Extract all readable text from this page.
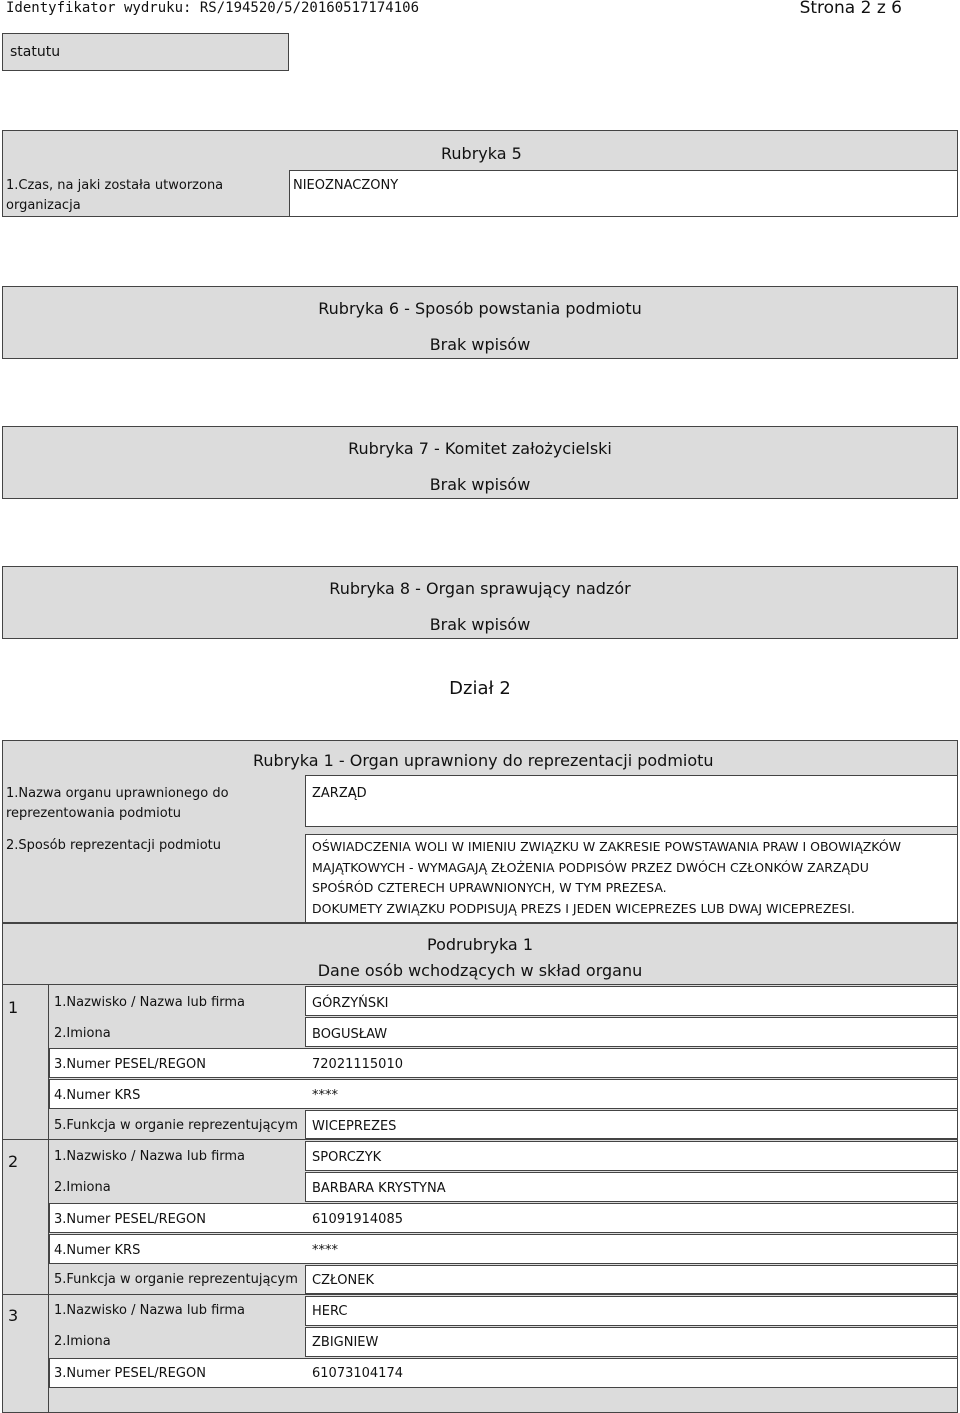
Identyfikator wydruku: RS/194520/5/20160517174106	Strona 2 z 6
statutu
Rubryka 5
1.Czas, na jaki została utworzona organizacja
NIEOZNACZONY
Rubryka 6 - Sposób powstania podmiotu
Brak wpisów
Rubryka 7 - Komitet założycielski
Brak wpisów
Rubryka 8 - Organ sprawujący nadzór
Brak wpisów
Dział 2
Rubryka 1 - Organ uprawniony do reprezentacji podmiotu
1.Nazwa organu uprawnionego do reprezentowania podmiotu
ZARZĄD
2.Sposób reprezentacji podmiotu	OŚWIADCZENIA WOLI W IMIENIU ZWIĄZKU W ZAKRESIE POWSTAWANIA PRAW I OBOWIĄZKÓW
MAJĄTKOWYCH - WYMAGAJĄ ZŁOŻENIA PODPISÓW PRZEZ DWÓCH CZŁONKÓW ZARZĄDU
SPOŚRÓD CZTERECH UPRAWNIONYCH, W TYM PREZESA.
DOKUMETY ZWIĄZKU PODPISUJĄ PREZS I JEDEN WICEPREZES LUB DWAJ WICEPREZESI.
Podrubryka 1
Dane osób wchodzących w skład organu
1	1.Nazwisko / Nazwa lub firma	GÓRZYŃSKI
2.Imiona	BOGUSŁAW
3.Numer PESEL/REGON	72021115010
4.Numer KRS	****
5.Funkcja w organie reprezentującym WICEPREZES
2	1.Nazwisko / Nazwa lub firma	SPORCZYK
2.Imiona	BARBARA KRYSTYNA
3.Numer PESEL/REGON	61091914085
4.Numer KRS	****
5.Funkcja w organie reprezentującym CZŁONEK
3	1.Nazwisko / Nazwa lub firma	HERC
2.Imiona	ZBIGNIEW
3.Numer PESEL/REGON	61073104174
